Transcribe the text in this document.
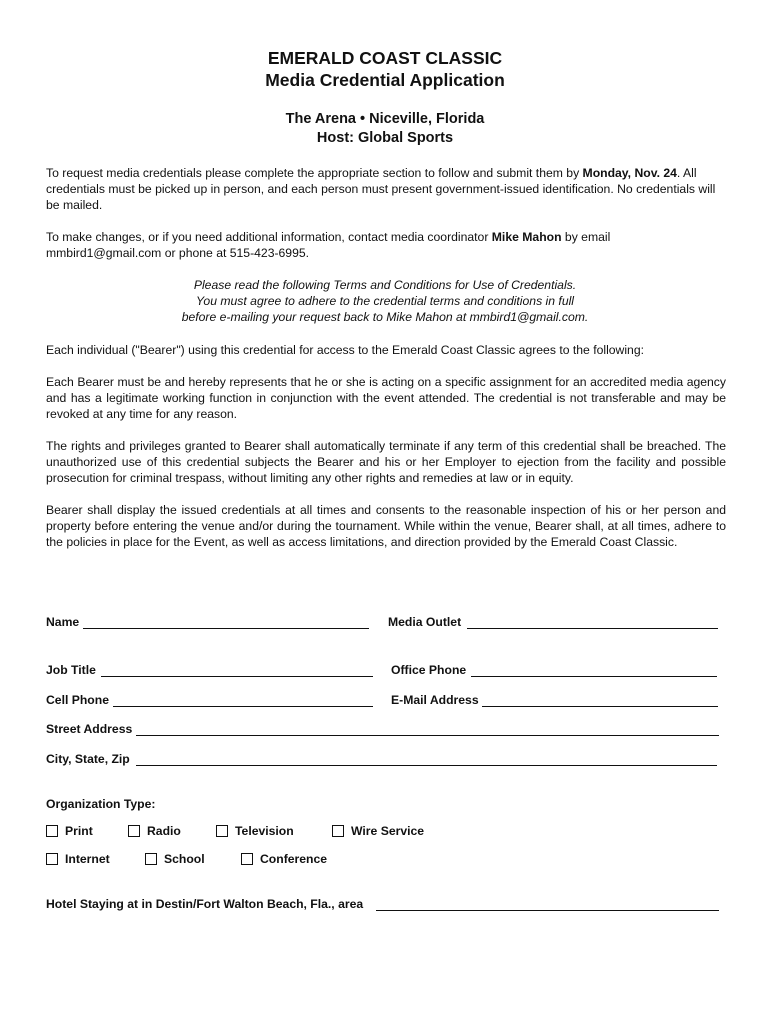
EMERALD COAST CLASSIC
Media Credential Application
The Arena • Niceville, Florida
Host: Global Sports
To request media credentials please complete the appropriate section to follow and submit them by Monday, Nov. 24. All credentials must be picked up in person, and each person must present government-issued identification. No credentials will be mailed.
To make changes, or if you need additional information, contact media coordinator Mike Mahon by email mmbird1@gmail.com or phone at 515-423-6995.
Please read the following Terms and Conditions for Use of Credentials.
You must agree to adhere to the credential terms and conditions in full
before e-mailing your request back to Mike Mahon at mmbird1@gmail.com.
Each individual ("Bearer") using this credential for access to the Emerald Coast Classic agrees to the following:
Each Bearer must be and hereby represents that he or she is acting on a specific assignment for an accredited media agency and has a legitimate working function in conjunction with the event attended. The credential is not transferable and may be revoked at any time for any reason.
The rights and privileges granted to Bearer shall automatically terminate if any term of this credential shall be breached. The unauthorized use of this credential subjects the Bearer and his or her Employer to ejection from the facility and possible prosecution for criminal trespass, without limiting any other rights and remedies at law or in equity.
Bearer shall display the issued credentials at all times and consents to the reasonable inspection of his or her person and property before entering the venue and/or during the tournament. While within the venue, Bearer shall, at all times, adhere to the policies in place for the Event, as well as access limitations, and direction provided by the Emerald Coast Classic.
Name	Media Outlet
Job Title	Office Phone
Cell Phone	E-Mail Address
Street Address
City, State, Zip
Organization Type:
Print	Radio	Television	Wire Service
Internet	School	Conference
Hotel Staying at in Destin/Fort Walton Beach, Fla., area
